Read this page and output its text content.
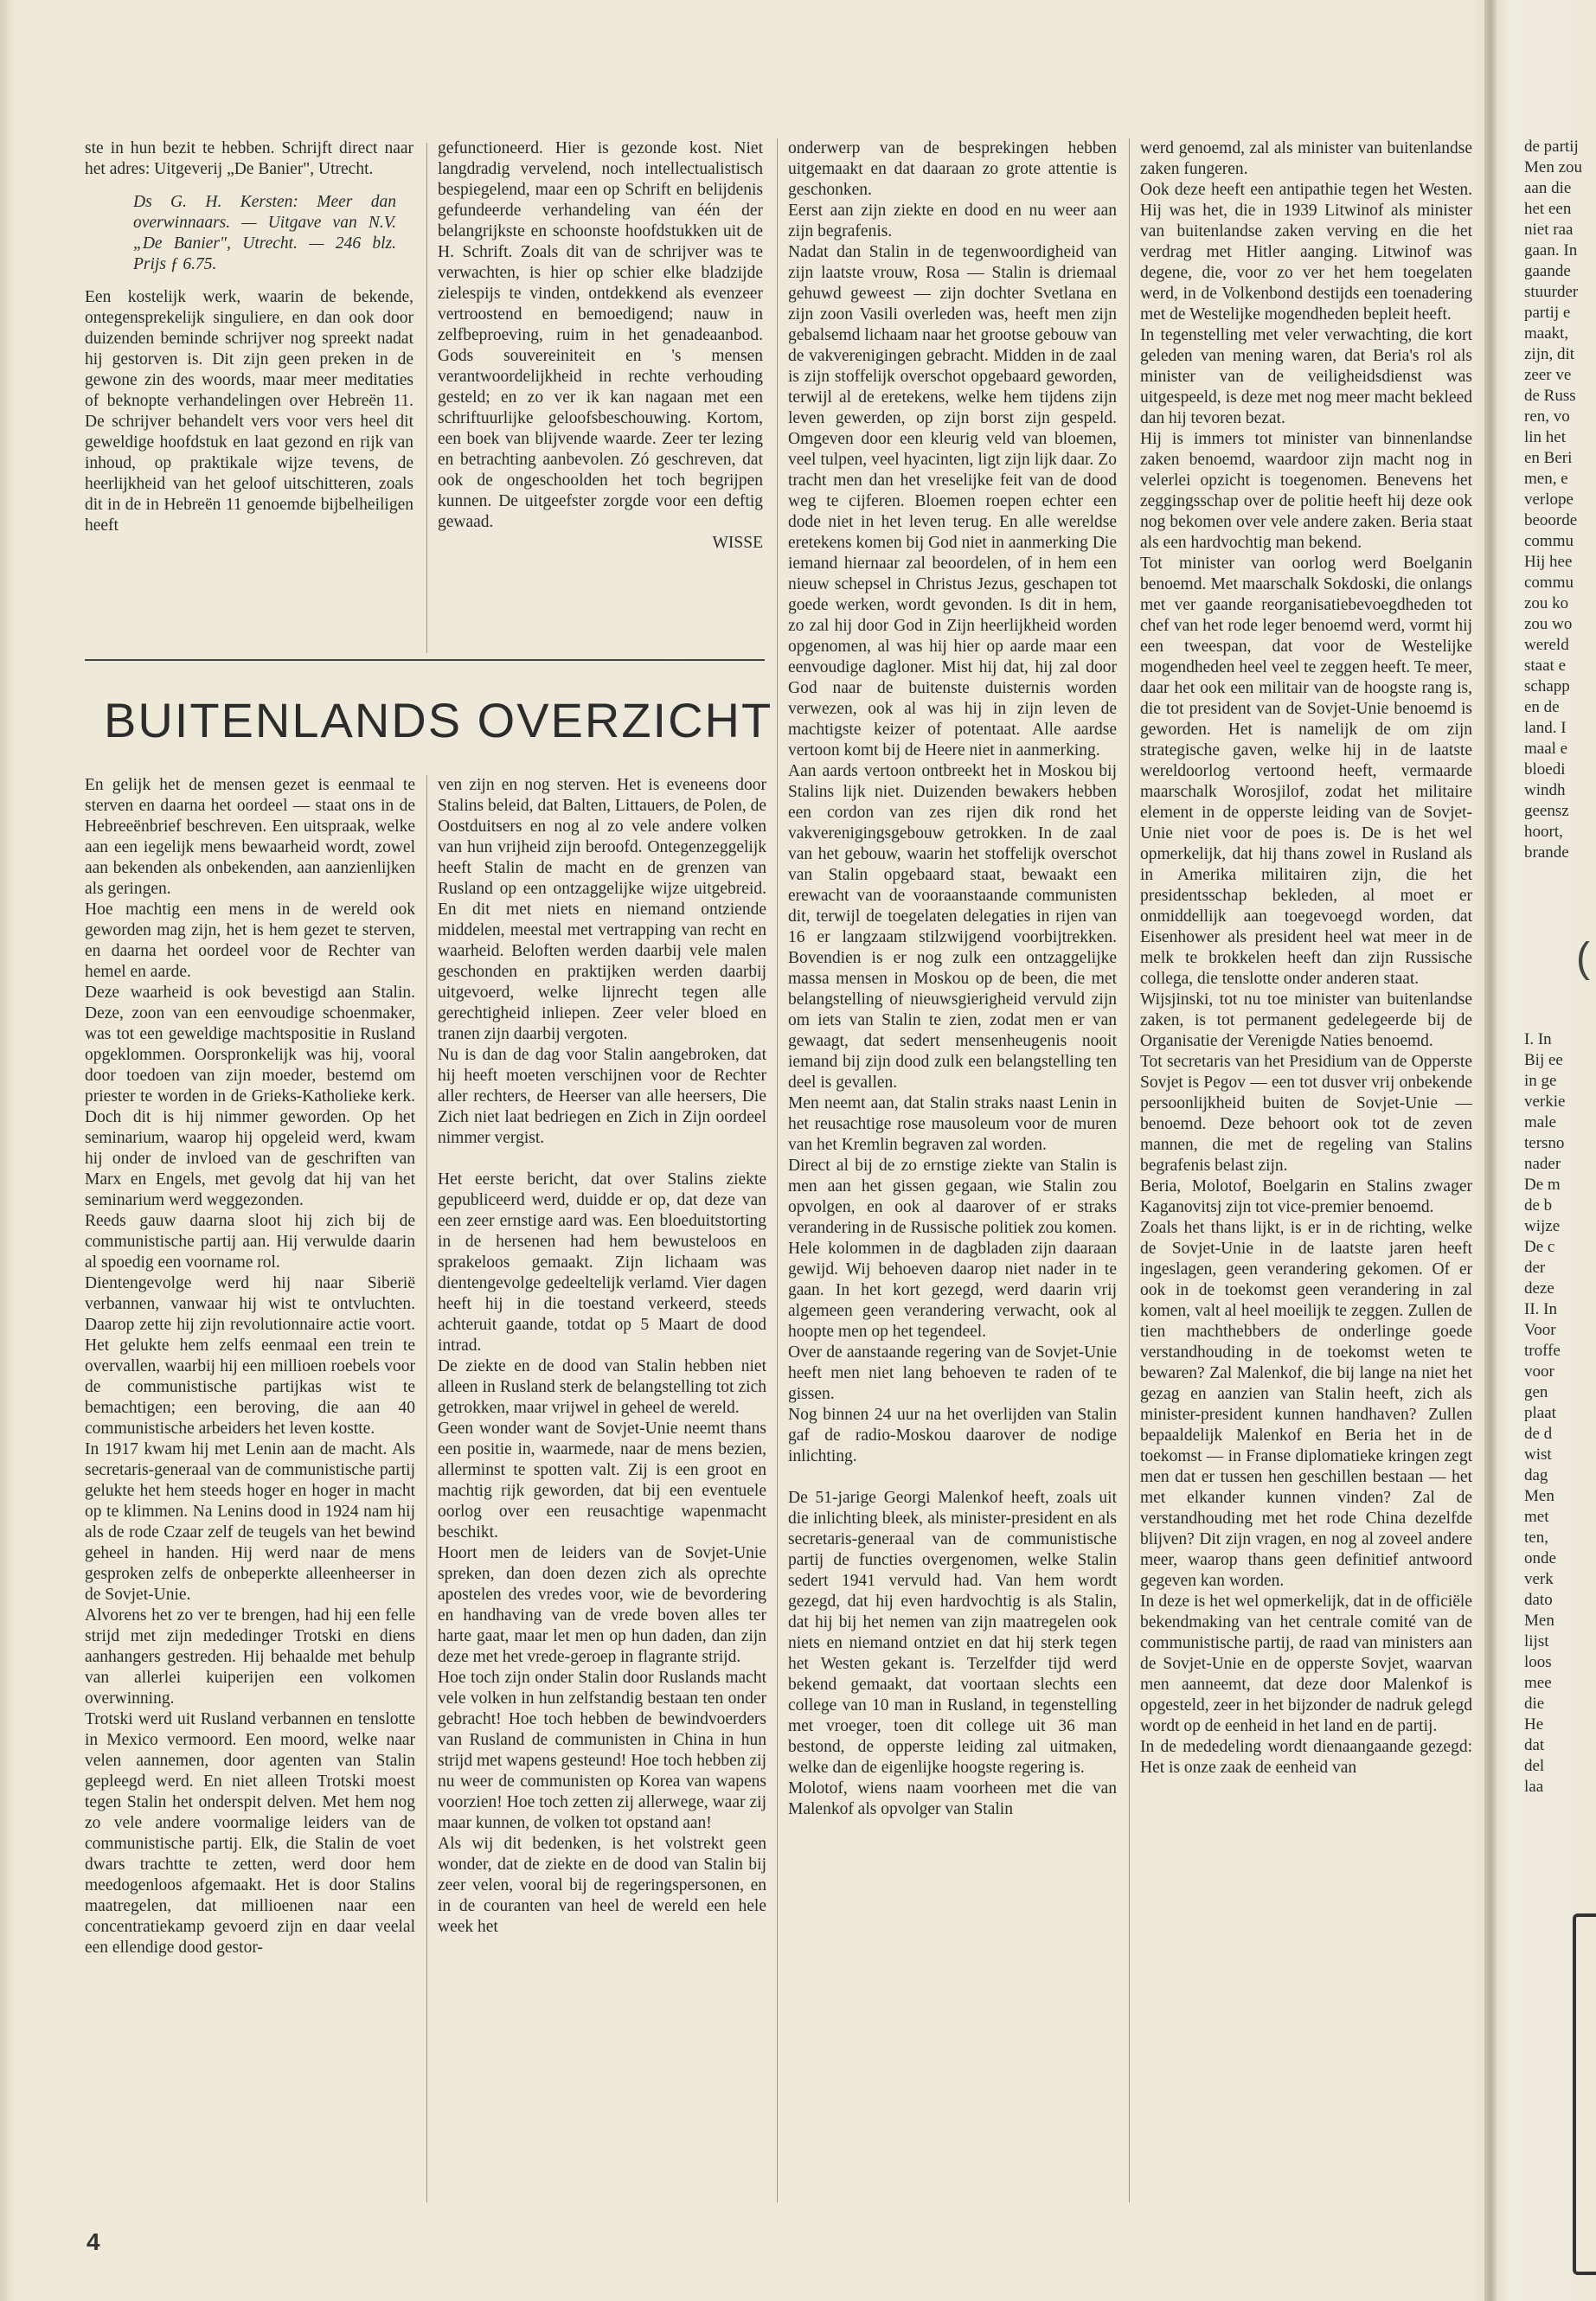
ste in hun bezit te hebben. Schrijft direct naar het adres: Uitgeverij „De Banier", Utrecht.

Ds G. H. Kersten: Meer dan overwinnaars. — Uitgave van N.V. „De Banier", Utrecht. — 246 blz. Prijs ƒ 6.75.

Een kostelijk werk, waarin de bekende, ontegensprekelijk singuliere, en dan ook door duizenden beminde schrijver nog spreekt nadat hij gestorven is. Dit zijn geen preken in de gewone zin des woords, maar meer meditaties of beknopte verhandelingen over Hebreën 11. De schrijver behandelt vers voor vers heel dit geweldige hoofdstuk en laat gezond en rijk van inhoud, op praktikale wijze tevens, de heerlijkheid van het geloof uitschitteren, zoals dit in de in Hebreën 11 genoemde bijbelheiligen heeft

gefunctioneerd. Hier is gezonde kost. Niet langdradig vervelend, noch intellectualistisch bespiegelend, maar een op Schrift en belijdenis gefundeerde verhandeling van één der belangrijkste en schoonste hoofdstukken uit de H. Schrift. Zoals dit van de schrijver was te verwachten, is hier op schier elke bladzijde zielespijs te vinden, ontdekkend als evenzeer vertroostend en bemoedigend; nauw in zelfbeproeving, ruim in het genadeaanbod. Gods souvereiniteit en 's mensen verantwoordelijkheid in rechte verhouding gesteld; en zo ver ik kan nagaan met een schriftuurlijke geloofsbeschouwing. Kortom, een boek van blijvende waarde. Zeer ter lezing en betrachting aanbevolen. Zó geschreven, dat ook de ongeschoolden het toch begrijpen kunnen. De uitgeefster zorgde voor een deftig gewaad.

WISSE

BUITENLANDS OVERZICHT

En gelijk het de mensen gezet is eenmaal te sterven en daarna het oordeel — staat ons in de Hebreeënbrief beschreven. Een uitspraak, welke aan een iegelijk mens bewaarheid wordt, zowel aan bekenden als onbekenden, aan aanzienlijken als geringen.

Hoe machtig een mens in de wereld ook geworden mag zijn, het is hem gezet te sterven, en daarna het oordeel voor de Rechter van hemel en aarde.

Deze waarheid is ook bevestigd aan Stalin. Deze, zoon van een eenvoudige schoenmaker, was tot een geweldige machtspositie in Rusland opgeklommen. Oorspronkelijk was hij, vooral door toedoen van zijn moeder, bestemd om priester te worden in de Grieks-Katholieke kerk. Doch dit is hij nimmer geworden. Op het seminarium, waarop hij opgeleid werd, kwam hij onder de invloed van de geschriften van Marx en Engels, met gevolg dat hij van het seminarium werd weggezonden.

Reeds gauw daarna sloot hij zich bij de communistische partij aan. Hij verwulde daarin al spoedig een voorname rol.

Dientengevolge werd hij naar Siberië verbannen, vanwaar hij wist te ontvluchten. Daarop zette hij zijn revolutionnaire actie voort. Het gelukte hem zelfs eenmaal een trein te overvallen, waarbij hij een millioen roebels voor de communistische partijkas wist te bemachtigen; een beroving, die aan 40 communistische arbeiders het leven kostte.

In 1917 kwam hij met Lenin aan de macht. Als secretaris-generaal van de communistische partij gelukte het hem steeds hoger en hoger in macht op te klimmen. Na Lenins dood in 1924 nam hij als de rode Czaar zelf de teugels van het bewind geheel in handen. Hij werd naar de mens gesproken zelfs de onbeperkte alleenheerser in de Sovjet-Unie.

Alvorens het zo ver te brengen, had hij een felle strijd met zijn mededinger Trotski en diens aanhangers gestreden. Hij behaalde met behulp van allerlei kuiperijen een volkomen overwinning.

Trotski werd uit Rusland verbannen en tenslotte in Mexico vermoord. Een moord, welke naar velen aannemen, door agenten van Stalin gepleegd werd. En niet alleen Trotski moest tegen Stalin het onderspit delven. Met hem nog zo vele andere voormalige leiders van de communistische partij. Elk, die Stalin de voet dwars trachtte te zetten, werd door hem meedogenloos afgemaakt. Het is door Stalins maatregelen, dat millioenen naar een concentratiekamp gevoerd zijn en daar veelal een ellendige dood gestor-

ven zijn en nog sterven. Het is eveneens door Stalins beleid, dat Balten, Littauers, de Polen, de Oostduitsers en nog al zo vele andere volken van hun vrijheid zijn beroofd. Ontegenzeggelijk heeft Stalin de macht en de grenzen van Rusland op een ontzaggelijke wijze uitgebreid. En dit met niets en niemand ontziende middelen, meestal met vertrapping van recht en waarheid. Beloften werden daarbij vele malen geschonden en praktijken werden daarbij uitgevoerd, welke lijnrecht tegen alle gerechtigheid inliepen. Zeer veler bloed en tranen zijn daarbij vergoten.

Nu is dan de dag voor Stalin aangebroken, dat hij heeft moeten verschijnen voor de Rechter aller rechters, de Heerser van alle heersers, Die Zich niet laat bedriegen en Zich in Zijn oordeel nimmer vergist.

Het eerste bericht, dat over Stalins ziekte gepubliceerd werd, duidde er op, dat deze van een zeer ernstige aard was. Een bloeduitstorting in de hersenen had hem bewusteloos en sprakeloos gemaakt. Zijn lichaam was dientengevolge gedeeltelijk verlamd. Vier dagen heeft hij in die toestand verkeerd, steeds achteruit gaande, totdat op 5 Maart de dood intrad.

De ziekte en de dood van Stalin hebben niet alleen in Rusland sterk de belangstelling tot zich getrokken, maar vrijwel in geheel de wereld.

Geen wonder want de Sovjet-Unie neemt thans een positie in, waarmede, naar de mens bezien, allerminst te spotten valt. Zij is een groot en machtig rijk geworden, dat bij een eventuele oorlog over een reusachtige wapenmacht beschikt.

Hoort men de leiders van de Sovjet-Unie spreken, dan doen dezen zich als oprechte apostelen des vredes voor, wie de bevordering en handhaving van de vrede boven alles ter harte gaat, maar let men op hun daden, dan zijn deze met het vrede-geroep in flagrante strijd.

Hoe toch zijn onder Stalin door Ruslands macht vele volken in hun zelfstandig bestaan ten onder gebracht! Hoe toch hebben de bewindvoerders van Rusland de communisten in China in hun strijd met wapens gesteund! Hoe toch hebben zij nu weer de communisten op Korea van wapens voorzien! Hoe toch zetten zij allerwege, waar zij maar kunnen, de volken tot opstand aan!

Als wij dit bedenken, is het volstrekt geen wonder, dat de ziekte en de dood van Stalin bij zeer velen, vooral bij de regeringspersonen, en in de couranten van heel de wereld een hele week het

onderwerp van de besprekingen hebben uitgemaakt en dat daaraan zo grote attentie is geschonken.

Eerst aan zijn ziekte en dood en nu weer aan zijn begrafenis.

Nadat dan Stalin in de tegenwoordigheid van zijn laatste vrouw, Rosa — Stalin is driemaal gehuwd geweest — zijn dochter Svetlana en zijn zoon Vasili overleden was, heeft men zijn gebalsemd lichaam naar het grootse gebouw van de vakverenigingen gebracht. Midden in de zaal is zijn stoffelijk overschot opgebaard geworden, terwijl al de eretekens, welke hem tijdens zijn leven gewerden, op zijn borst zijn gespeld. Omgeven door een kleurig veld van bloemen, veel tulpen, veel hyacinten, ligt zijn lijk daar. Zo tracht men dan het vreselijke feit van de dood weg te cijferen. Bloemen roepen echter een dode niet in het leven terug. En alle wereldse eretekens komen bij God niet in aanmerking Die iemand hiernaar zal beoordelen, of in hem een nieuw schepsel in Christus Jezus, geschapen tot goede werken, wordt gevonden. Is dit in hem, zo zal hij door God in Zijn heerlijkheid worden opgenomen, al was hij hier op aarde maar een eenvoudige dagloner. Mist hij dat, hij zal door God naar de buitenste duisternis worden verwezen, ook al was hij in zijn leven de machtigste keizer of potentaat. Alle aardse vertoon komt bij de Heere niet in aanmerking.

Aan aards vertoon ontbreekt het in Moskou bij Stalins lijk niet. Duizenden bewakers hebben een cordon van zes rijen dik rond het vakverenigingsgebouw getrokken. In de zaal van het gebouw, waarin het stoffelijk overschot van Stalin opgebaard staat, bewaakt een erewacht van de vooraanstaande communisten dit, terwijl de toegelaten delegaties in rijen van 16 er langzaam stilzwijgend voorbijtrekken. Bovendien is er nog zulk een ontzaggelijke massa mensen in Moskou op de been, die met belangstelling of nieuwsgierigheid vervuld zijn om iets van Stalin te zien, zodat men er van gewaagt, dat sedert mensenheugenis nooit iemand bij zijn dood zulk een belangstelling ten deel is gevallen.

Men neemt aan, dat Stalin straks naast Lenin in het reusachtige rose mausoleum voor de muren van het Kremlin begraven zal worden.

Direct al bij de zo ernstige ziekte van Stalin is men aan het gissen gegaan, wie Stalin zou opvolgen, en ook al daarover of er straks verandering in de Russische politiek zou komen. Hele kolommen in de dagbladen zijn daaraan gewijd. Wij behoeven daarop niet nader in te gaan. In het kort gezegd, werd daarin vrij algemeen geen verandering verwacht, ook al hoopte men op het tegendeel.

Over de aanstaande regering van de Sovjet-Unie heeft men niet lang behoeven te raden of te gissen.

Nog binnen 24 uur na het overlijden van Stalin gaf de radio-Moskou daarover de nodige inlichting.

De 51-jarige Georgi Malenkof heeft, zoals uit die inlichting bleek, als minister-president en als secretaris-generaal van de communistische partij de functies overgenomen, welke Stalin sedert 1941 vervuld had. Van hem wordt gezegd, dat hij even hardvochtig is als Stalin, dat hij bij het nemen van zijn maatregelen ook niets en niemand ontziet en dat hij sterk tegen het Westen gekant is. Terzelfder tijd werd bekend gemaakt, dat voortaan slechts een college van 10 man in Rusland, in tegenstelling met vroeger, toen dit college uit 36 man bestond, de opperste leiding zal uitmaken, welke dan de eigenlijke hoogste regering is.

Molotof, wiens naam voorheen met die van Malenkof als opvolger van Stalin

werd genoemd, zal als minister van buitenlandse zaken fungeren.

Ook deze heeft een antipathie tegen het Westen. Hij was het, die in 1939 Litwinof als minister van buitenlandse zaken verving en die het verdrag met Hitler aanging. Litwinof was degene, die, voor zo ver het hem toegelaten werd, in de Volkenbond destijds een toenadering met de Westelijke mogendheden bepleit heeft.

In tegenstelling met veler verwachting, die kort geleden van mening waren, dat Beria's rol als minister van de veiligheidsdienst was uitgespeeld, is deze met nog meer macht bekleed dan hij tevoren bezat.

Hij is immers tot minister van binnenlandse zaken benoemd, waardoor zijn macht nog in velerlei opzicht is toegenomen. Benevens het zeggingsschap over de politie heeft hij deze ook nog bekomen over vele andere zaken. Beria staat als een hardvochtig man bekend.

Tot minister van oorlog werd Boelganin benoemd. Met maarschalk Sokdoski, die onlangs met ver gaande reorganisatiebevoegdheden tot chef van het rode leger benoemd werd, vormt hij een tweespan, dat voor de Westelijke mogendheden heel veel te zeggen heeft. Te meer, daar het ook een militair van de hoogste rang is, die tot president van de Sovjet-Unie benoemd is geworden. Het is namelijk de om zijn strategische gaven, welke hij in de laatste wereldoorlog vertoond heeft, vermaarde maarschalk Worosjilof, zodat het militaire element in de opperste leiding van de Sovjet-Unie niet voor de poes is. De is het wel opmerkelijk, dat hij thans zowel in Rusland als in Amerika militairen zijn, die het presidentsschap bekleden, al moet er onmiddellijk aan toegevoegd worden, dat Eisenhower als president heel wat meer in de melk te brokkelen heeft dan zijn Russische collega, die tenslotte onder anderen staat.

Wijsjinski, tot nu toe minister van buitenlandse zaken, is tot permanent gedelegeerde bij de Organisatie der Verenigde Naties benoemd.

Tot secretaris van het Presidium van de Opperste Sovjet is Pegov — een tot dusver vrij onbekende persoonlijkheid buiten de Sovjet-Unie — benoemd. Deze behoort ook tot de zeven mannen, die met de regeling van Stalins begrafenis belast zijn.

Beria, Molotof, Boelgarin en Stalins zwager Kaganovitsj zijn tot vice-premier benoemd.

Zoals het thans lijkt, is er in de richting, welke de Sovjet-Unie in de laatste jaren heeft ingeslagen, geen verandering gekomen. Of er ook in de toekomst geen verandering in zal komen, valt al heel moeilijk te zeggen. Zullen de tien machthebbers de onderlinge goede verstandhouding in de toekomst weten te bewaren? Zal Malenkof, die bij lange na niet het gezag en aanzien van Stalin heeft, zich als minister-president kunnen handhaven? Zullen bepaaldelijk Malenkof en Beria het in de toekomst — in Franse diplomatieke kringen zegt men dat er tussen hen geschillen bestaan — het met elkander kunnen vinden? Zal de verstandhouding met het rode China dezelfde blijven? Dit zijn vragen, en nog al zoveel andere meer, waarop thans geen definitief antwoord gegeven kan worden.

In deze is het wel opmerkelijk, dat in de officiële bekendmaking van het centrale comité van de communistische partij, de raad van ministers aan de Sovjet-Unie en de opperste Sovjet, waarvan men aanneemt, dat deze door Malenkof is opgesteld, zeer in het bijzonder de nadruk gelegd wordt op de eenheid in het land en de partij.

In de mededeling wordt dienaangaande gezegd: Het is onze zaak de eenheid van

4
de partij
Men zou
aan die
het een
niet raa
gaan. In
gaande
stuurder
partij e
maakt,
zijn, dit
zeer ve
de Russ
ren, vo
lin het
en Beri
men, e
verlope
beoorde
commu
Hij hee
commu
zou ko
zou wo
wereld
staat e
schapp
en de
land. I
maal e
bloedi
windh
geensz
hoort,
brande
(
I. In
Bij ee
in ge
verkie
male
tersno
nader
De m
de b
wijze
De c
der
deze
II. In
Voor
troffe
voor
gen
plaat
de d
wist
dag
Men
met
ten,
onde
verk
dato
Men
lijst
loos
mee
die
He
dat
del
laa
